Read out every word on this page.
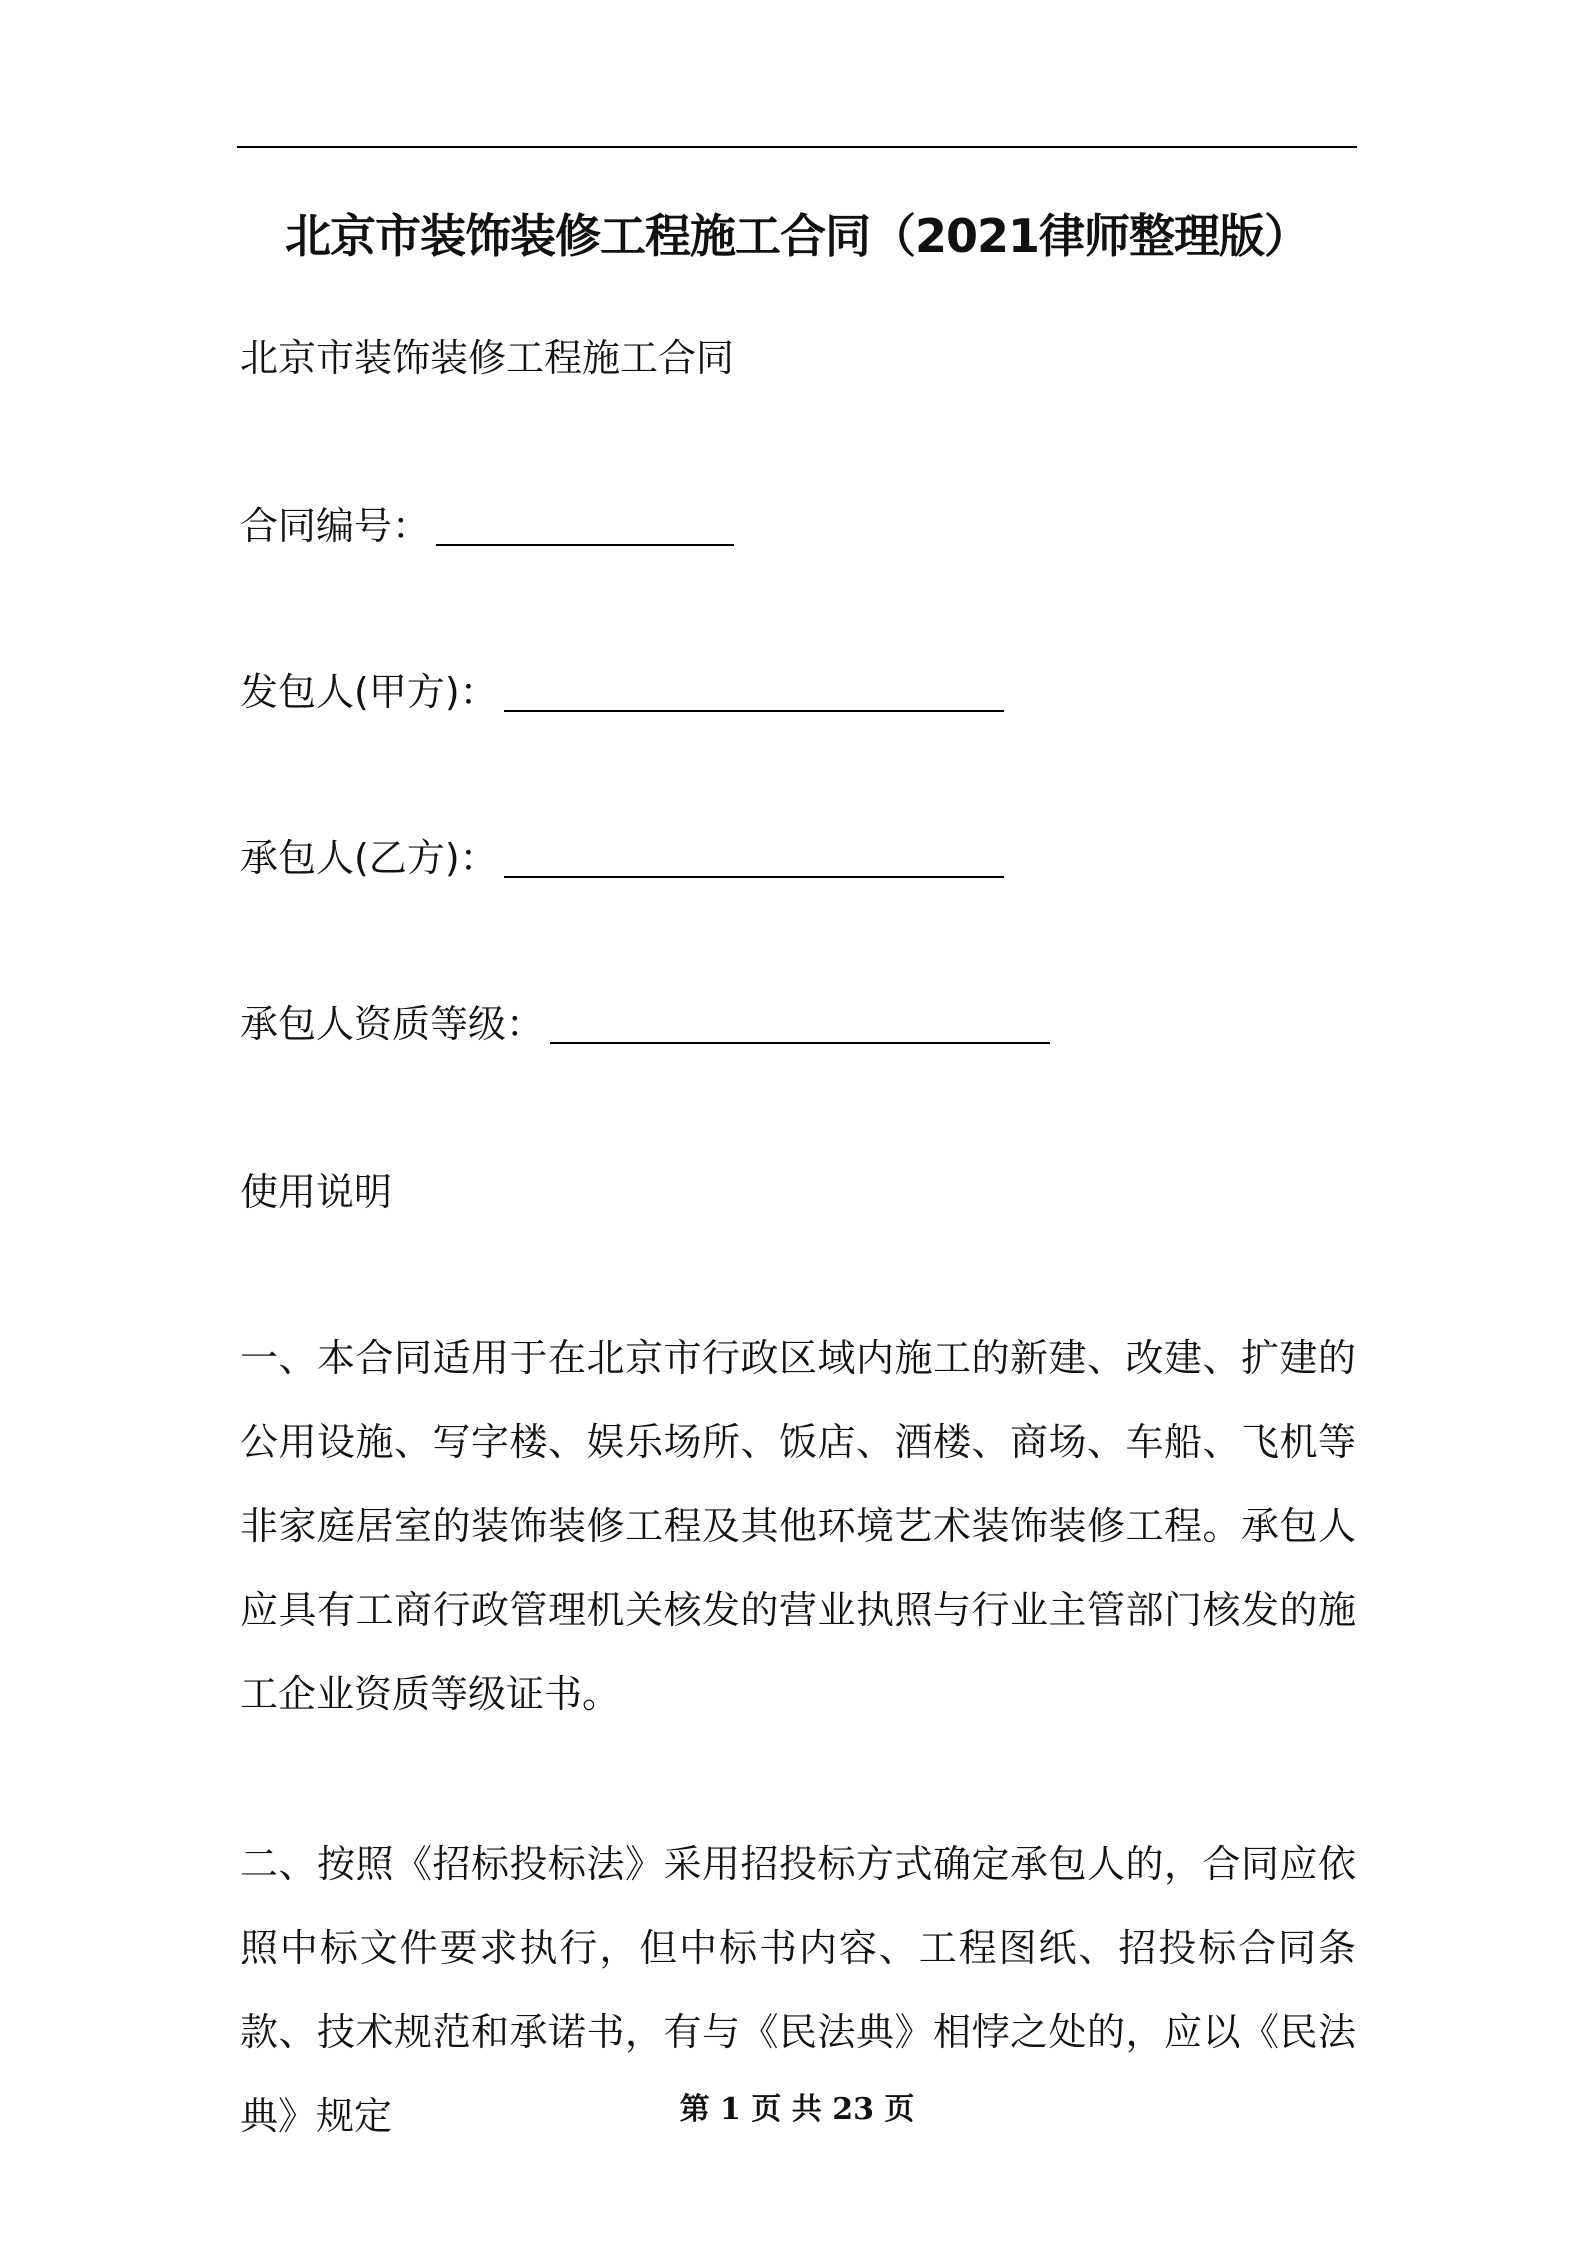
北京市装饰装修工程施工合同（2021律师整理版）
北京市装饰装修工程施工合同
合同编号：
发包人(甲方)：
承包人(乙方)：
承包人资质等级：
使用说明
一、本合同适用于在北京市行政区域内施工的新建、改建、扩建的公用设施、写字楼、娱乐场所、饭店、酒楼、商场、车船、飞机等非家庭居室的装饰装修工程及其他环境艺术装饰装修工程。承包人应具有工商行政管理机关核发的营业执照与行业主管部门核发的施工企业资质等级证书。
二、按照《招标投标法》采用招投标方式确定承包人的，合同应依照中标文件要求执行，但中标书内容、工程图纸、招投标合同条款、技术规范和承诺书，有与《民法典》相悖之处的，应以《民法典》规定	第 1 页 共 23 页
